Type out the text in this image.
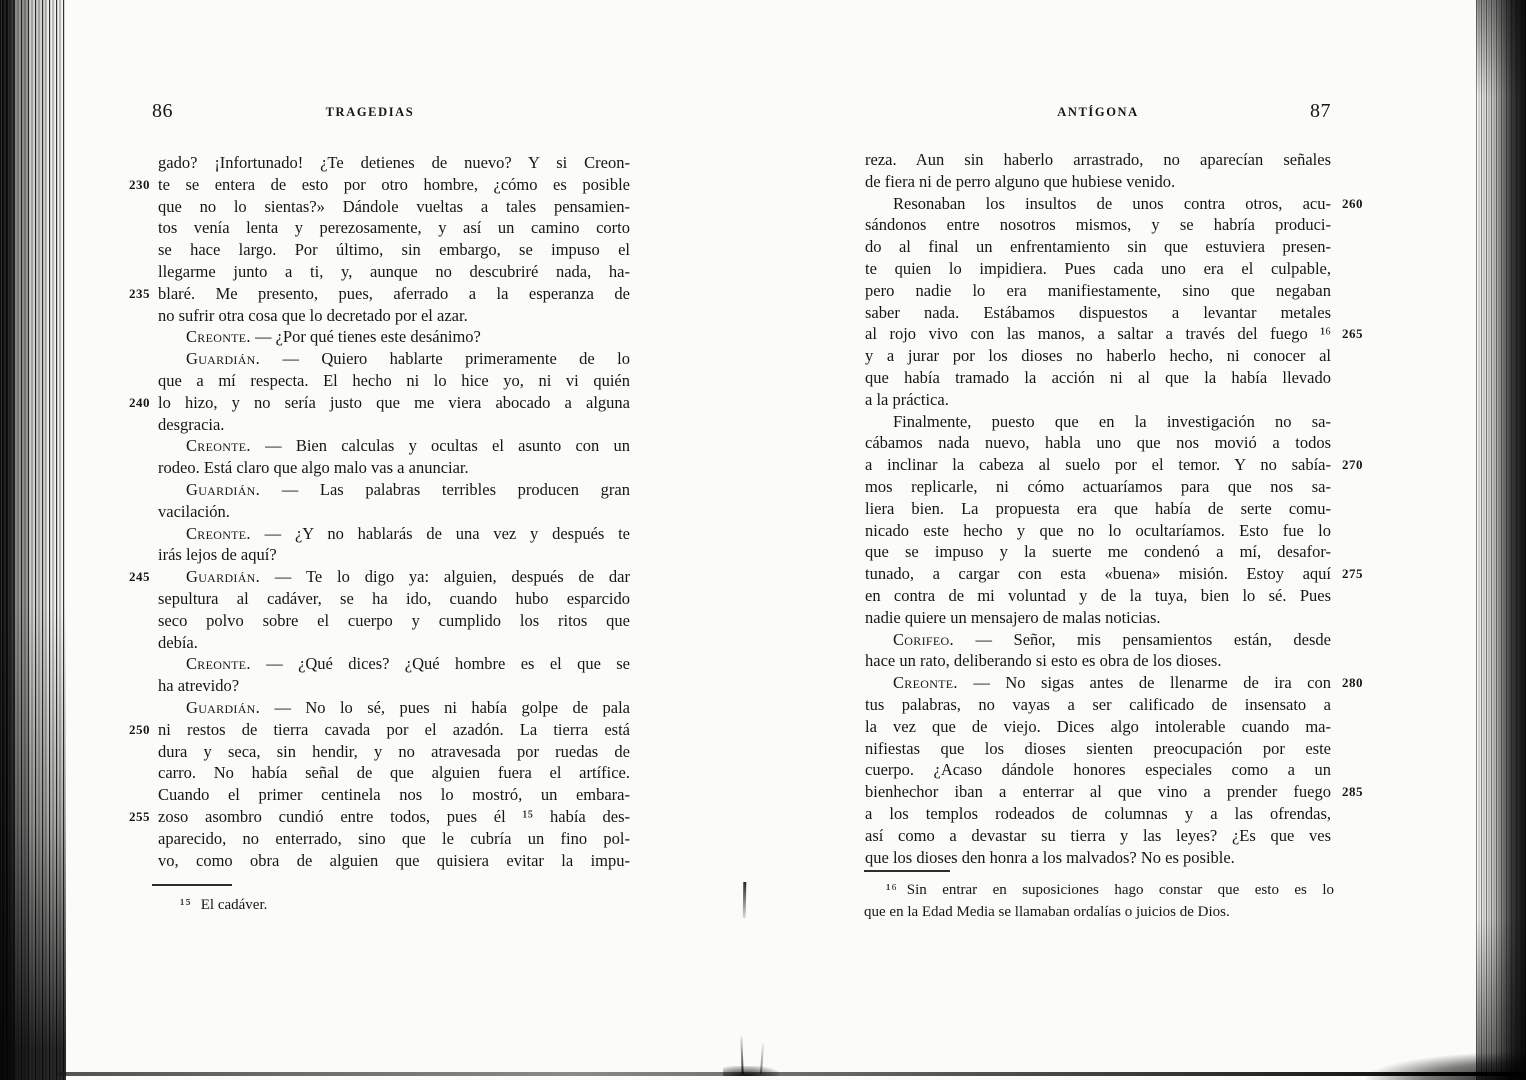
86	TRAGEDIAS
gado? ¡Infortunado! ¿Te detienes de nuevo? Y si Creon-
230 te se entera de esto por otro hombre, ¿cómo es posible
que no lo sientas?» Dándole vueltas a tales pensamien-
tos venía lenta y perezosamente, y así un camino corto
se hace largo. Por último, sin embargo, se impuso el
llegarme junto a ti, y, aunque no descubriré nada, ha-
235 blaré. Me presento, pues, aferrado a la esperanza de
no sufrir otra cosa que lo decretado por el azar.
Creonte. — ¿Por qué tienes este desánimo?
Guardián. — Quiero hablarte primeramente de lo
que a mí respecta. El hecho ni lo hice yo, ni vi quién
240 lo hizo, y no sería justo que me viera abocado a alguna
desgracia.
Creonte. — Bien calculas y ocultas el asunto con un
rodeo. Está claro que algo malo vas a anunciar.
Guardián. — Las palabras terribles producen gran
vacilación.
Creonte. — ¿Y no hablarás de una vez y después te
irás lejos de aquí?
245 Guardián. — Te lo digo ya: alguien, después de dar
sepultura al cadáver, se ha ido, cuando hubo esparcido
seco polvo sobre el cuerpo y cumplido los ritos que
debía.
Creonte. — ¿Qué dices? ¿Qué hombre es el que se
ha atrevido?
Guardián. — No lo sé, pues ni había golpe de pala
250 ni restos de tierra cavada por el azadón. La tierra está
dura y seca, sin hendir, y no atravesada por ruedas de
carro. No había señal de que alguien fuera el artífice.
Cuando el primer centinela nos lo mostró, un embara-
255 zoso asombro cundió entre todos, pues él ¹⁵ había des-
aparecido, no enterrado, sino que le cubría un fino pol-
vo, como obra de alguien que quisiera evitar la impu-
¹⁵ El cadáver.
ANTÍGONA	87
reza. Aun sin haberlo arrastrado, no aparecían señales
de fiera ni de perro alguno que hubiese venido.
260
Resonaban los insultos de unos contra otros, acu-
sándonos entre nosotros mismos, y se habría produci-
do al final un enfrentamiento sin que estuviera presen-
te quien lo impidiera. Pues cada uno era el culpable,
pero nadie lo era manifiestamente, sino que negaban
saber nada. Estábamos dispuestos a levantar metales
265
al rojo vivo con las manos, a saltar a través del fuego ¹⁶
y a jurar por los dioses no haberlo hecho, ni conocer al
que había tramado la acción ni al que la había llevado
a la práctica.
Finalmente, puesto que en la investigación no sa-
cábamos nada nuevo, habla uno que nos movió a todos
270
a inclinar la cabeza al suelo por el temor. Y no sabía-
mos replicarle, ni cómo actuaríamos para que nos sa-
liera bien. La propuesta era que había de serte comu-
nicado este hecho y que no lo ocultaríamos. Esto fue lo
que se impuso y la suerte me condenó a mí, desafor-
275
tunado, a cargar con esta «buena» misión. Estoy aquí
en contra de mi voluntad y de la tuya, bien lo sé. Pues
nadie quiere un mensajero de malas noticias.
Corifeo. — Señor, mis pensamientos están, desde
hace un rato, deliberando si esto es obra de los dioses.
280
Creonte. — No sigas antes de llenarme de ira con
tus palabras, no vayas a ser calificado de insensato a
la vez que de viejo. Dices algo intolerable cuando ma-
nifiestas que los dioses sienten preocupación por este
cuerpo. ¿Acaso dándole honores especiales como a un
285
bienhechor iban a enterrar al que vino a prender fuego
a los templos rodeados de columnas y a las ofrendas,
así como a devastar su tierra y las leyes? ¿Es que ves
que los dioses den honra a los malvados? No es posible.
¹⁶ Sin entrar en suposiciones hago constar que esto es lo
que en la Edad Media se llamaban ordalías o juicios de Dios.
